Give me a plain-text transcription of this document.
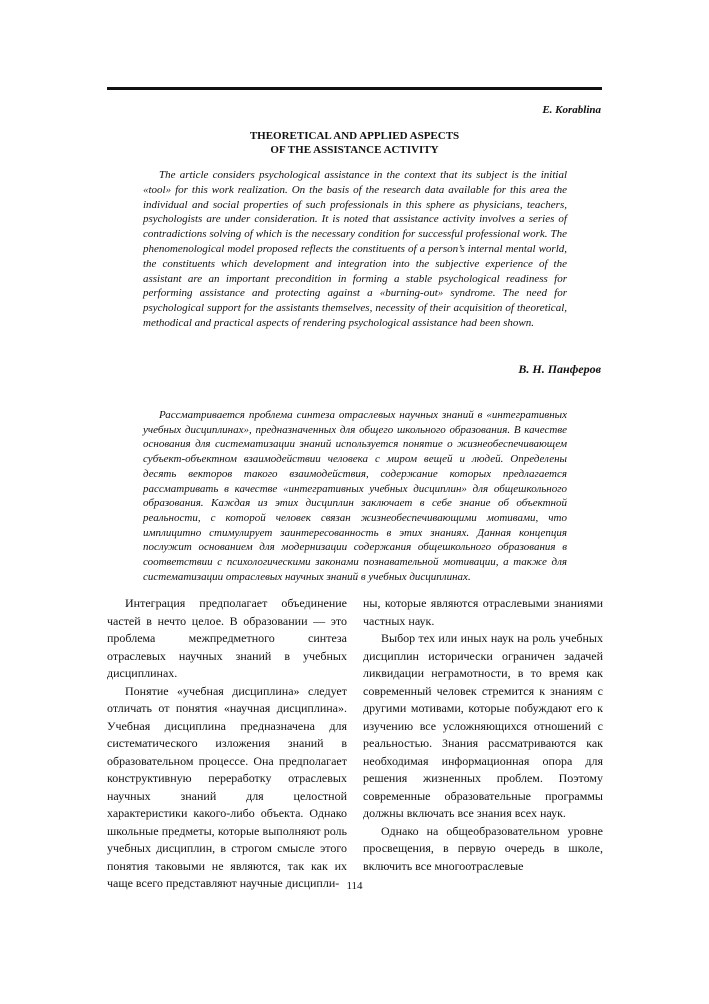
E. Korablina
THEORETICAL AND APPLIED ASPECTS
OF THE ASSISTANCE ACTIVITY

The article considers psychological assistance in the context that its subject is the initial «tool» for this work realization. On the basis of the research data available for this area the individual and social properties of such professionals in this sphere as physicians, teachers, psychologists are under consideration. It is noted that assistance activity involves a series of contradictions solving of which is the necessary condition for successful professional work. The phenomenological model proposed reflects the constituents of a person’s internal mental world, the constituents which development and integration into the subjective experience of the assistant are an important precondition in forming a stable psychological readiness for performing assistance and protecting against a «burning-out» syndrome. The need for psychological support for the assistants themselves, necessity of their acquisition of theoretical, methodical and practical aspects of rendering psychological assistance had been shown.

В. Н. Панферов

Рассматривается проблема синтеза отраслевых научных знаний в «интегративных учебных дисциплинах», предназначенных для общего школьного образования. В качестве основания для систематизации знаний используется понятие о жизнеобеспечивающем субъект-объектном взаимодействии человека с миром вещей и людей. Определены десять векторов такого взаимодействия, содержание которых предлагается рассматривать в качестве «интегративных учебных дисциплин» для общешкольного образования. Каждая из этих дисциплин заключает в себе знание об объектной реальности, с которой человек связан жизнеобеспечивающими мотивами, что имплицитно стимулирует заинтересованность в этих знаниях. Данная концепция послужит основанием для модернизации содержания общешкольного образования в соответствии с психологическими законами познавательной мотивации, а также для систематизации отраслевых научных знаний в учебных дисциплинах.

Интеграция предполагает объединение частей в нечто целое. В образовании — это проблема межпредметного синтеза отраслевых научных знаний в учебных дисциплинах.

Понятие «учебная дисциплина» следует отличать от понятия «научная дисциплина». Учебная дисциплина предназначена для систематического изложения знаний в образовательном процессе. Она предполагает конструктивную переработку отраслевых научных знаний для целостной характеристики какого-либо объекта. Однако школьные предметы, которые выполняют роль учебных дисциплин, в строгом смысле этого понятия таковыми не являются, так как их чаще всего представляют научные дисципли-

ны, которые являются отраслевыми знаниями частных наук.

Выбор тех или иных наук на роль учебных дисциплин исторически ограничен задачей ликвидации неграмотности, в то время как современный человек стремится к знаниям с другими мотивами, которые побуждают его к изучению все усложняющихся отношений с реальностью. Знания рассматриваются как необходимая информационная опора для решения жизненных проблем. Поэтому современные образовательные программы должны включать все знания всех наук.

Однако на общеобразовательном уровне просвещения, в первую очередь в школе, включить все многоотраслевые

114
